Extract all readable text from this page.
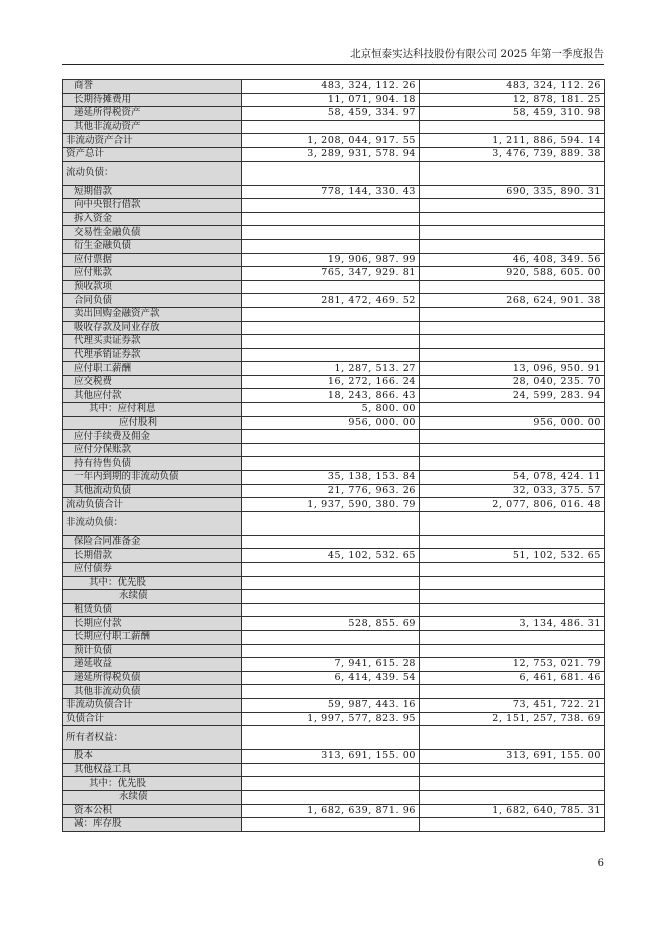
北京恒泰实达科技股份有限公司 2025 年第一季度报告
商誉	483, 324, 112. 26	483, 324, 112. 26
长期待摊费用	11, 071, 904. 18	12, 878, 181. 25
递延所得税资产	58, 459, 334. 97	58, 459, 310. 98
其他非流动资产		
非流动资产合计	1, 208, 044, 917. 55	1, 211, 886, 594. 14
资产总计	3, 289, 931, 578. 94	3, 476, 739, 889. 38
流动负债：		
短期借款	778, 144, 330. 43	690, 335, 890. 31
向中央银行借款		
拆入资金		
交易性金融负债		
衍生金融负债		
应付票据	19, 906, 987. 99	46, 408, 349. 56
应付账款	765, 347, 929. 81	920, 588, 605. 00
预收款项		
合同负债	281, 472, 469. 52	268, 624, 901. 38
卖出回购金融资产款		
吸收存款及同业存放		
代理买卖证券款		
代理承销证券款		
应付职工薪酬	1, 287, 513. 27	13, 096, 950. 91
应交税费	16, 272, 166. 24	28, 040, 235. 70
其他应付款	18, 243, 866. 43	24, 599, 283. 94
其中：应付利息	5, 800. 00	
应付股利	956, 000. 00	956, 000. 00
应付手续费及佣金		
应付分保账款		
持有待售负债		
一年内到期的非流动负债	35, 138, 153. 84	54, 078, 424. 11
其他流动负债	21, 776, 963. 26	32, 033, 375. 57
流动负债合计	1, 937, 590, 380. 79	2, 077, 806, 016. 48
非流动负债：		
保险合同准备金		
长期借款	45, 102, 532. 65	51, 102, 532. 65
应付债券		
其中：优先股		
永续债		
租赁负债		
长期应付款	528, 855. 69	3, 134, 486. 31
长期应付职工薪酬		
预计负债		
递延收益	7, 941, 615. 28	12, 753, 021. 79
递延所得税负债	6, 414, 439. 54	6, 461, 681. 46
其他非流动负债		
非流动负债合计	59, 987, 443. 16	73, 451, 722. 21
负债合计	1, 997, 577, 823. 95	2, 151, 257, 738. 69
所有者权益：		
股本	313, 691, 155. 00	313, 691, 155. 00
其他权益工具		
其中：优先股		
永续债		
资本公积	1, 682, 639, 871. 96	1, 682, 640, 785. 31
减：库存股		
6
